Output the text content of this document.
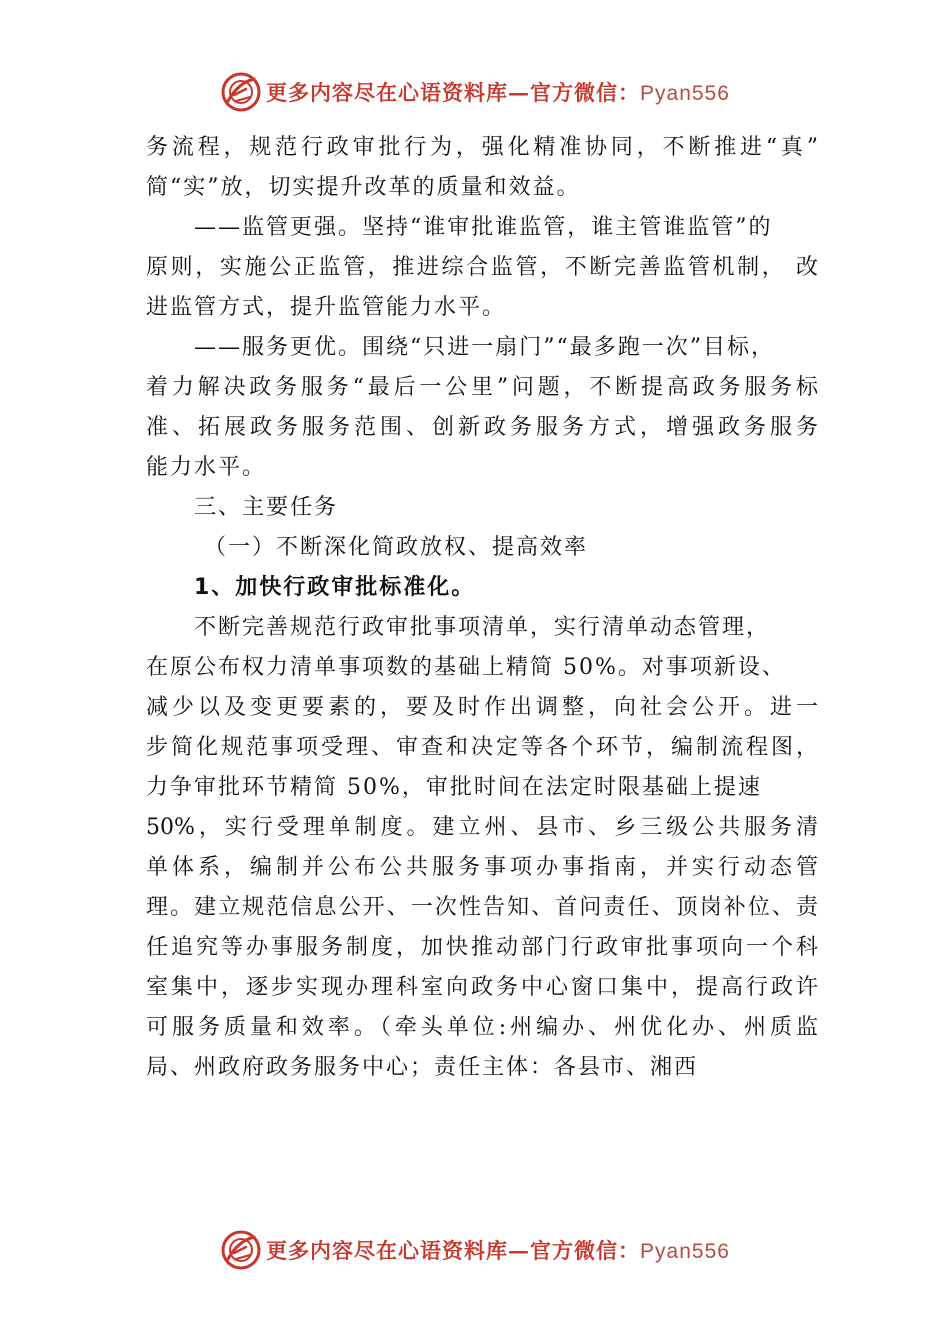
更多内容尽在心语资料库—官方微信：Pyan556
务流程，规范行政审批行为，强化精准协同，不断推进“真”
简“实”放，切实提升改革的质量和效益。
——监管更强。坚持“谁审批谁监管，谁主管谁监管”的
原则，实施公正监管，推进综合监管，不断完善监管机制， 改
进监管方式，提升监管能力水平。
——服务更优。围绕“只进一扇门”“最多跑一次”目标，
着力解决政务服务“最后一公里”问题，不断提高政务服务标
准、拓展政务服务范围、创新政务服务方式，增强政务服务
能力水平。
三、主要任务
（一）不断深化简政放权、提高效率
1、加快行政审批标准化。
不断完善规范行政审批事项清单，实行清单动态管理，
在原公布权力清单事项数的基础上精简 50%。对事项新设、
减少以及变更要素的，要及时作出调整，向社会公开。进一
步简化规范事项受理、审查和决定等各个环节，编制流程图，
力争审批环节精简 50%，审批时间在法定时限基础上提速
50%，实行受理单制度。建立州、县市、乡三级公共服务清
单体系，编制并公布公共服务事项办事指南，并实行动态管
理。建立规范信息公开、一次性告知、首问责任、顶岗补位、责
任追究等办事服务制度，加快推动部门行政审批事项向一个科
室集中，逐步实现办理科室向政务中心窗口集中，提高行政许
可服务质量和效率。（牵头单位:州编办、州优化办、州质监
局、州政府政务服务中心；责任主体：各县市、湘西
更多内容尽在心语资料库—官方微信：Pyan556
